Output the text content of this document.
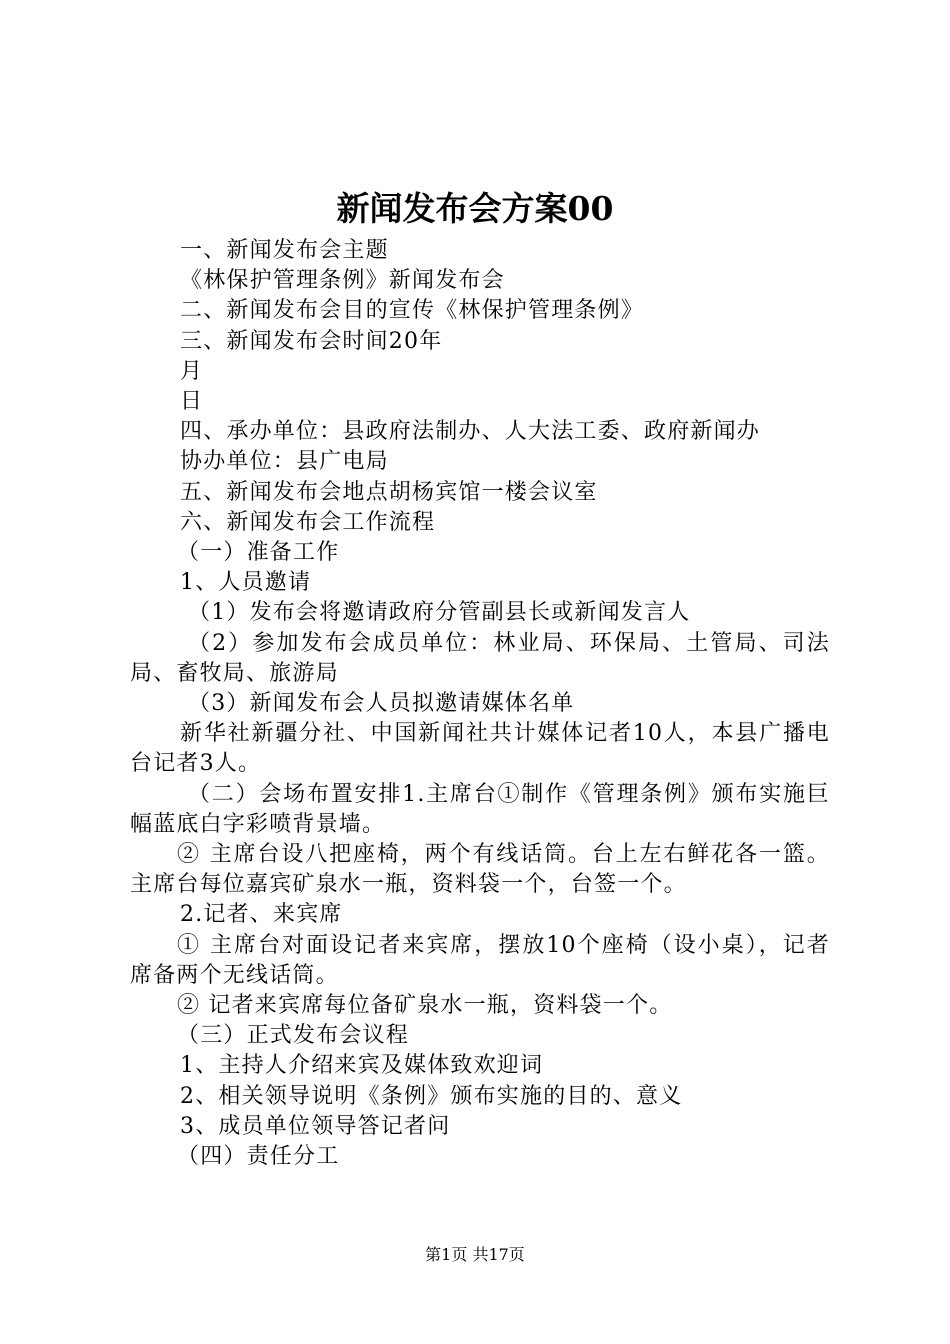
新闻发布会方案00

一、新闻发布会主题

《林保护管理条例》新闻发布会

二、新闻发布会目的宣传《林保护管理条例》

三、新闻发布会时间20年

月

日

四、承办单位：县政府法制办、人大法工委、政府新闻办

协办单位：县广电局

五、新闻发布会地点胡杨宾馆一楼会议室

六、新闻发布会工作流程

（一）准备工作

1、人员邀请

（1）发布会将邀请政府分管副县长或新闻发言人

（2）参加发布会成员单位：林业局、环保局、土管局、司法局、畜牧局、旅游局

（3）新闻发布会人员拟邀请媒体名单

新华社新疆分社、中国新闻社共计媒体记者10人，本县广播电台记者3人。

（二）会场布置安排1.主席台①制作《管理条例》颁布实施巨幅蓝底白字彩喷背景墙。

② 主席台设八把座椅，两个有线话筒。台上左右鲜花各一篮。主席台每位嘉宾矿泉水一瓶，资料袋一个，台签一个。

2.记者、来宾席

① 主席台对面设记者来宾席，摆放10个座椅（设小桌），记者席备两个无线话筒。

② 记者来宾席每位备矿泉水一瓶，资料袋一个。

（三）正式发布会议程

1、主持人介绍来宾及媒体致欢迎词

2、相关领导说明《条例》颁布实施的目的、意义

3、成员单位领导答记者问

（四）责任分工

第1页 共17页
